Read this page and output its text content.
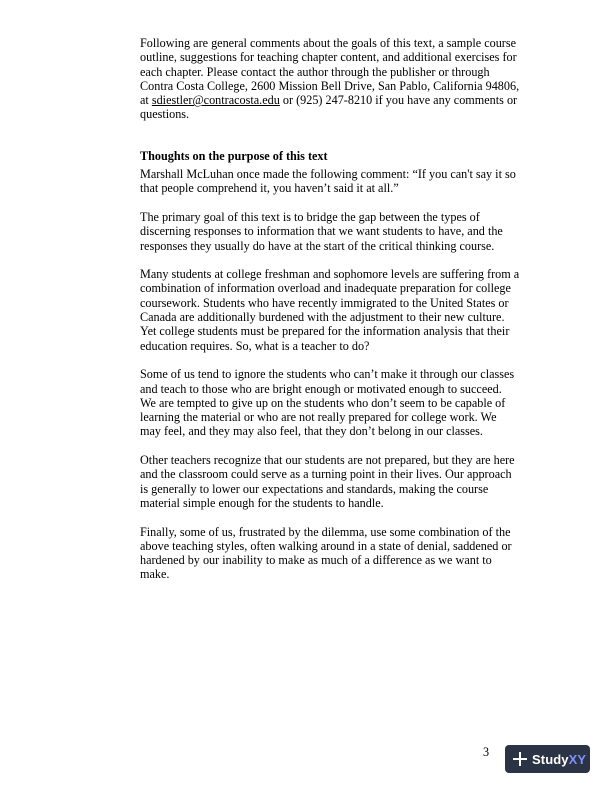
Following are general comments about the goals of this text, a sample course outline, suggestions for teaching chapter content, and additional exercises for each chapter. Please contact the author through the publisher or through Contra Costa College, 2600 Mission Bell Drive, San Pablo, California 94806, at sdiestler@contracosta.edu or (925) 247-8210 if you have any comments or questions.

Thoughts on the purpose of this text

Marshall McLuhan once made the following comment: “If you can't say it so that people comprehend it, you haven’t said it at all.”

The primary goal of this text is to bridge the gap between the types of discerning responses to information that we want students to have, and the responses they usually do have at the start of the critical thinking course.

Many students at college freshman and sophomore levels are suffering from a combination of information overload and inadequate preparation for college coursework. Students who have recently immigrated to the United States or Canada are additionally burdened with the adjustment to their new culture. Yet college students must be prepared for the information analysis that their education requires. So, what is a teacher to do?

Some of us tend to ignore the students who can’t make it through our classes and teach to those who are bright enough or motivated enough to succeed. We are tempted to give up on the students who don’t seem to be capable of learning the material or who are not really prepared for college work. We may feel, and they may also feel, that they don’t belong in our classes.

Other teachers recognize that our students are not prepared, but they are here and the classroom could serve as a turning point in their lives. Our approach is generally to lower our expectations and standards, making the course material simple enough for the students to handle.

Finally, some of us, frustrated by the dilemma, use some combination of the above teaching styles, often walking around in a state of denial, saddened or hardened by our inability to make as much of a difference as we want to make.

3	StudyXY
